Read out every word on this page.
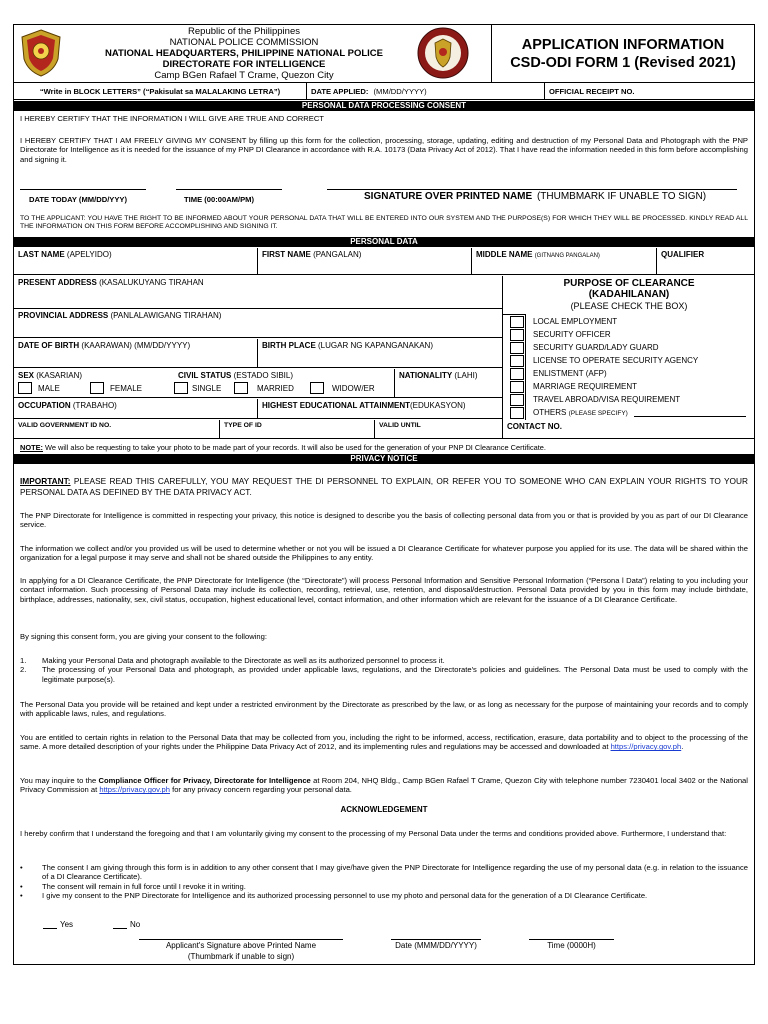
Republic of the Philippines
NATIONAL POLICE COMMISSION
NATIONAL HEADQUARTERS, PHILIPPINE NATIONAL POLICE
DIRECTORATE FOR INTELLIGENCE
Camp BGen Rafael T Crame, Quezon City
APPLICATION INFORMATION
CSD-ODI FORM 1 (Revised 2021)
“Write in BLOCK LETTERS” (“Pakisulat sa MALALAKING LETRA”)	DATE APPLIED: (MM/DD/YYYY)	OFFICIAL RECEIPT NO.
PERSONAL DATA PROCESSING CONSENT
I HEREBY CERTIFY THAT THE INFORMATION I WILL GIVE ARE TRUE AND CORRECT
I HEREBY CERTIFY THAT I AM FREELY GIVING MY CONSENT by filling up this form for the collection, processing, storage, updating, editing and destruction of my Personal Data and Photograph with the PNP Directorate for Intelligence as it is needed for the issuance of my PNP DI Clearance in accordance with R.A. 10173 (Data Privacy Act of 2012). That I have read the information needed in this form before accomplishing and signing it.
DATE TODAY (MM/DD/YYY)	TIME (00:00AM/PM)	SIGNATURE OVER PRINTED NAME (THUMBMARK IF UNABLE TO SIGN)
TO THE APPLICANT: YOU HAVE THE RIGHT TO BE INFORMED ABOUT YOUR PERSONAL DATA THAT WILL BE ENTERED INTO OUR SYSTEM AND THE PURPOSE(S) FOR WHICH THEY WILL BE PROCESSED. KINDLY READ ALL THE INFORMATION ON THIS FORM BEFORE ACCOMPLISHING AND SIGNING IT.
PERSONAL DATA
LAST NAME (APELYIDO)	FIRST NAME (PANGALAN)	MIDDLE NAME (GITNANG PANGALAN)	QUALIFIER
PRESENT ADDRESS (KASALUKUYANG TIRAHAN
PROVINCIAL ADDRESS (PANLALAWIGANG TIRAHAN)
DATE OF BIRTH (KAARAWAN) (MM/DD/YYYY)	BIRTH PLACE (LUGAR NG KAPANGANAKAN)
SEX (KASARIAN)	CIVIL STATUS (ESTADO SIBIL)	NATIONALITY (LAHI)
MALE	FEMALE	SINGLE	MARRIED	WIDOW/ER
OCCUPATION (TRABAHO)	HIGHEST EDUCATIONAL ATTAINMENT(EDUKASYON)
VALID GOVERNMENT ID NO.	TYPE OF ID	VALID UNTIL	CONTACT NO.
PURPOSE OF CLEARANCE
(KADAHILANAN)
(PLEASE CHECK THE BOX)
LOCAL EMPLOYMENT
SECURITY OFFICER
SECURITY GUARD/LADY GUARD
LICENSE TO OPERATE SECURITY AGENCY
ENLISTMENT (AFP)
MARRIAGE REQUIREMENT
TRAVEL ABROAD/VISA REQUIREMENT
OTHERS (PLEASE SPECIFY)
NOTE: We will also be requesting to take your photo to be made part of your records. It will also be used for the generation of your PNP DI Clearance Certificate.
PRIVACY NOTICE
IMPORTANT: PLEASE READ THIS CAREFULLY, YOU MAY REQUEST THE DI PERSONNEL TO EXPLAIN, OR REFER YOU TO SOMEONE WHO CAN EXPLAIN YOUR RIGHTS TO YOUR PERSONAL DATA AS DEFINED BY THE DATA PRIVACY ACT.
The PNP Directorate for Intelligence is committed in respecting your privacy, this notice is designed to describe you the basis of collecting personal data from you or that is provided by you as part of our DI Clearance service.
The information we collect and/or you provided us will be used to determine whether or not you will be issued a DI Clearance Certificate for whatever purpose you applied for its use. The data will be shared within the organization for a legal purpose it may serve and shall not be shared outside the Philippines to any entity.
In applying for a DI Clearance Certificate, the PNP Directorate for Intelligence (the “Directorate”) will process Personal Information and Sensitive Personal Information (“Persona l Data”) relating to you including your contact information. Such processing of Personal Data may include its collection, recording, retrieval, use, retention, and disposal/destruction. Personal Data provided by you in this form may include birthdate, birthplace, addresses, nationality, sex, civil status, occupation, highest educational level, contact information, and other information which are relevant for the issuance of a DI Clearance Certificate.
By signing this consent form, you are giving your consent to the following:
1. Making your Personal Data and photograph available to the Directorate as well as its authorized personnel to process it.
2. The processing of your Personal Data and photograph, as provided under applicable laws, regulations, and the Directorate's policies and guidelines. The Personal Data must be used to comply with the legitimate purpose(s).
The Personal Data you provide will be retained and kept under a restricted environment by the Directorate as prescribed by the law, or as long as necessary for the purpose of maintaining your records and to comply with applicable laws, rules, and regulations.
You are entitled to certain rights in relation to the Personal Data that may be collected from you, including the right to be informed, access, rectification, erasure, data portability and to object to the processing of the same. A more detailed description of your rights under the Philippine Data Privacy Act of 2012, and its implementing rules and regulations may be accessed and downloaded at https://privacy.gov.ph.
You may inquire to the Compliance Officer for Privacy, Directorate for Intelligence at Room 204, NHQ Bldg., Camp BGen Rafael T Crame, Quezon City with telephone number 7230401 local 3402 or the National Privacy Commission at https://privacy.gov.ph for any privacy concern regarding your personal data.
ACKNOWLEDGEMENT
I hereby confirm that I understand the foregoing and that I am voluntarily giving my consent to the processing of my Personal Data under the terms and conditions provided above. Furthermore, I understand that:
•	The consent I am giving through this form is in addition to any other consent that I may give/have given the PNP Directorate for Intelligence regarding the use of my personal data (e.g. in relation to the issuance of a DI Clearance Certificate).
•	The consent will remain in full force until I revoke it in writing.
•	I give my consent to the PNP Directorate for Intelligence and its authorized processing personnel to use my photo and personal data for the generation of a DI Clearance Certificate.
Yes	No
Applicant's Signature above Printed Name
(Thumbmark if unable to sign)
Date (MMM/DD/YYYY)	Time (0000H)
